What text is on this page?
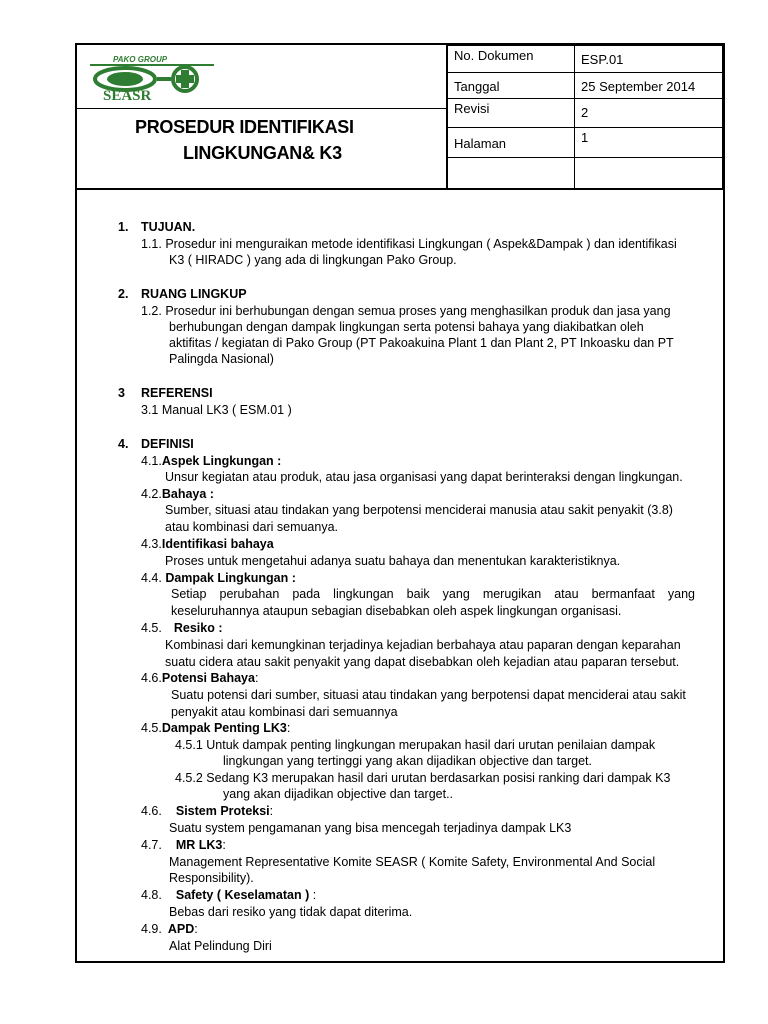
PAKO GROUP
SEASR
PROSEDUR IDENTIFIKASI
LINGKUNGAN& K3
No. Dokumen	ESP.01
Tanggal	25 September 2014
Revisi	2
Halaman	1

1. TUJUAN.
1.1. Prosedur ini menguraikan metode identifikasi Lingkungan ( Aspek&Dampak ) dan identifikasi
K3 ( HIRADC ) yang ada di lingkungan Pako Group.
2. RUANG LINGKUP
1.2. Prosedur ini berhubungan dengan semua proses yang menghasilkan produk dan jasa yang
berhubungan dengan dampak lingkungan serta potensi bahaya yang diakibatkan oleh
aktifitas / kegiatan di Pako Group (PT Pakoakuina Plant 1 dan Plant 2, PT Inkoasku dan PT
Palingda Nasional)
3 REFERENSI
3.1 Manual LK3 ( ESM.01 )
4. DEFINISI
4.1.Aspek Lingkungan :
Unsur kegiatan atau produk, atau jasa organisasi yang dapat berinteraksi dengan lingkungan.
4.2.Bahaya :
Sumber, situasi atau tindakan yang berpotensi menciderai manusia atau sakit penyakit (3.8)
atau kombinasi dari semuanya.
4.3.Identifikasi bahaya
Proses untuk mengetahui adanya suatu bahaya dan menentukan karakteristiknya.
4.4. Dampak Lingkungan :
Setiap perubahan pada lingkungan baik yang merugikan atau bermanfaat yang
keseluruhannya ataupun sebagian disebabkan oleh aspek lingkungan organisasi.
4.5. Resiko :
Kombinasi dari kemungkinan terjadinya kejadian berbahaya atau paparan dengan keparahan
suatu cidera atau sakit penyakit yang dapat disebabkan oleh kejadian atau paparan tersebut.
4.6.Potensi Bahaya:
Suatu potensi dari sumber, situasi atau tindakan yang berpotensi dapat menciderai atau sakit
penyakit atau kombinasi dari semuannya
4.5.Dampak Penting LK3:
4.5.1 Untuk dampak penting lingkungan merupakan hasil dari urutan penilaian dampak
lingkungan yang tertinggi yang akan dijadikan objective dan target.
4.5.2 Sedang K3 merupakan hasil dari urutan berdasarkan posisi ranking dari dampak K3
yang akan dijadikan objective dan target..
4.6. Sistem Proteksi:
Suatu system pengamanan yang bisa mencegah terjadinya dampak LK3
4.7. MR LK3:
Management Representative Komite SEASR ( Komite Safety, Environmental And Social
Responsibility).
4.8. Safety ( Keselamatan ) :
Bebas dari resiko yang tidak dapat diterima.
4.9. APD:
Alat Pelindung Diri
